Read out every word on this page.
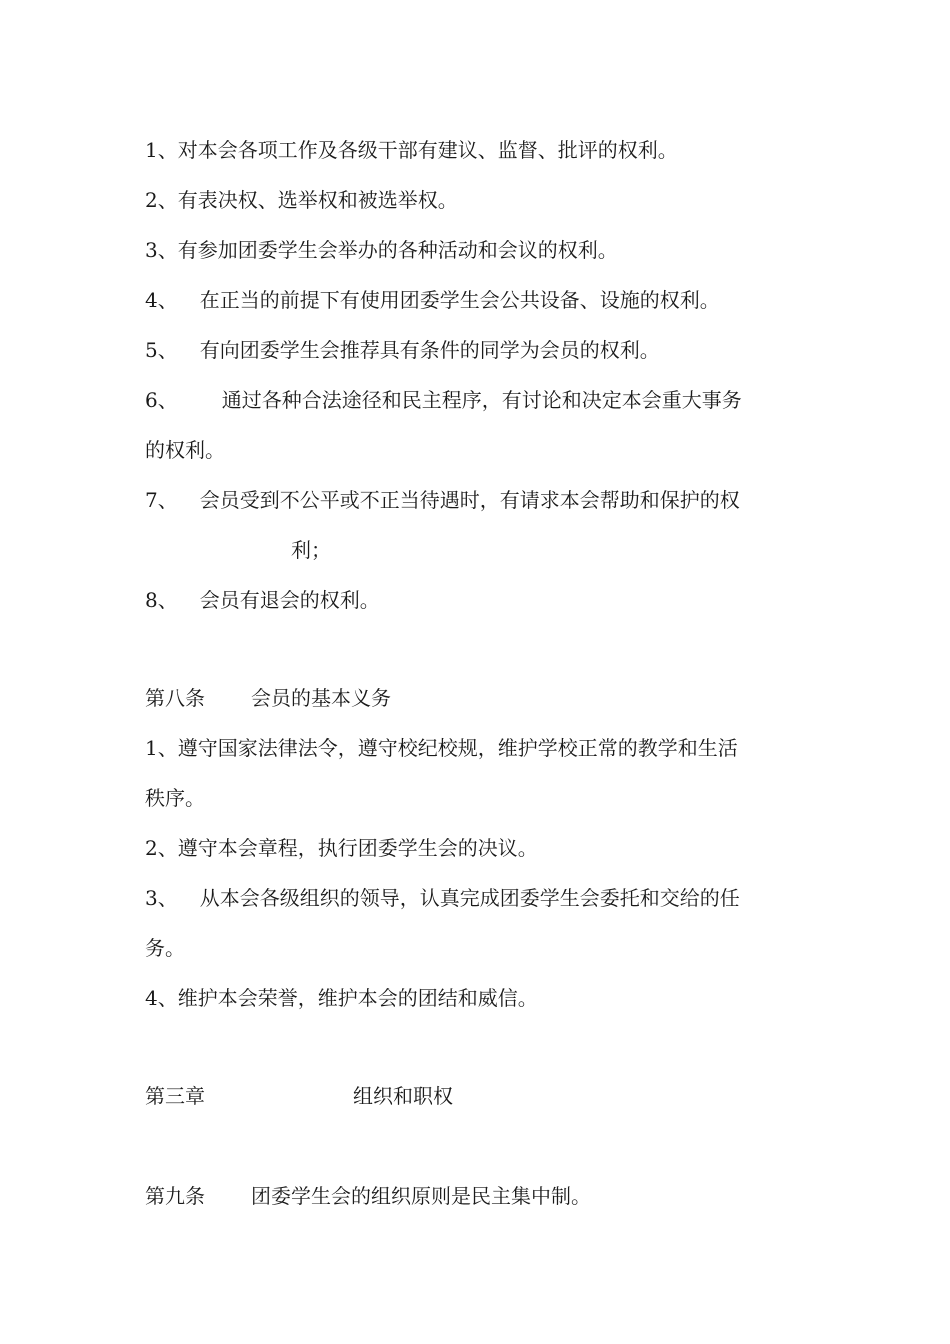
1、对本会各项工作及各级干部有建议、监督、批评的权利。
2、有表决权、选举权和被选举权。
3、有参加团委学生会举办的各种活动和会议的权利。
4、 在正当的前提下有使用团委学生会公共设备、设施的权利。
5、 有向团委学生会推荐具有条件的同学为会员的权利。
6、 通过各种合法途径和民主程序，有讨论和决定本会重大事务
的权利。
7、 会员受到不公平或不正当待遇时，有请求本会帮助和保护的权
利；
8、 会员有退会的权利。
第八条 会员的基本义务
1、遵守国家法律法令，遵守校纪校规，维护学校正常的教学和生活
秩序。
2、遵守本会章程，执行团委学生会的决议。
3、 从本会各级组织的领导，认真完成团委学生会委托和交给的任
务。
4、维护本会荣誉，维护本会的团结和威信。
第三章	组织和职权
第九条 团委学生会的组织原则是民主集中制。
